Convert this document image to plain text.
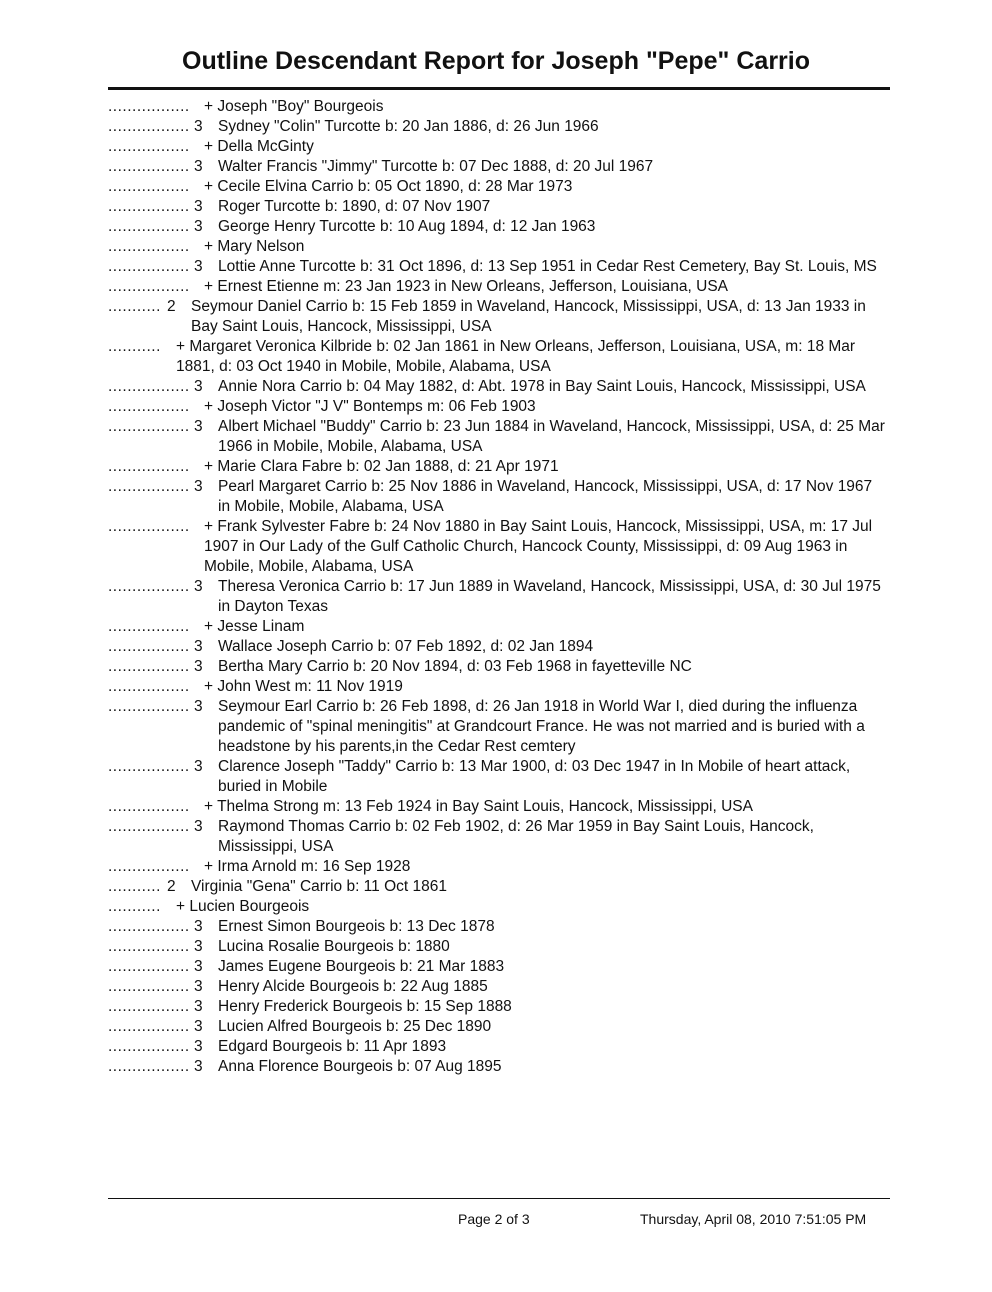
Outline Descendant Report for Joseph "Pepe" Carrio
................. + Joseph "Boy" Bourgeois
................. 3 Sydney "Colin" Turcotte b: 20 Jan 1886, d: 26 Jun 1966
................. + Della McGinty
................. 3 Walter Francis "Jimmy" Turcotte b: 07 Dec 1888, d: 20 Jul 1967
................. + Cecile Elvina Carrio b: 05 Oct 1890, d: 28 Mar 1973
................. 3 Roger Turcotte b: 1890, d: 07 Nov 1907
................. 3 George Henry Turcotte b: 10 Aug 1894, d: 12 Jan 1963
................. + Mary Nelson
................. 3 Lottie Anne Turcotte b: 31 Oct 1896, d: 13 Sep 1951 in Cedar Rest Cemetery, Bay St. Louis, MS
................. + Ernest Etienne m: 23 Jan 1923 in New Orleans, Jefferson, Louisiana, USA
........... 2 Seymour Daniel Carrio b: 15 Feb 1859 in Waveland, Hancock, Mississippi, USA, d: 13 Jan 1933 in Bay Saint Louis, Hancock, Mississippi, USA
........... + Margaret Veronica Kilbride b: 02 Jan 1861 in New Orleans, Jefferson, Louisiana, USA, m: 18 Mar 1881, d: 03 Oct 1940 in Mobile, Mobile, Alabama, USA
................. 3 Annie Nora Carrio b: 04 May 1882, d: Abt. 1978 in Bay Saint Louis, Hancock, Mississippi, USA
................. + Joseph Victor "J V" Bontemps m: 06 Feb 1903
................. 3 Albert Michael "Buddy" Carrio b: 23 Jun 1884 in Waveland, Hancock, Mississippi, USA, d: 25 Mar 1966 in Mobile, Mobile, Alabama, USA
................. + Marie Clara Fabre b: 02 Jan 1888, d: 21 Apr 1971
................. 3 Pearl Margaret Carrio b: 25 Nov 1886 in Waveland, Hancock, Mississippi, USA, d: 17 Nov 1967 in Mobile, Mobile, Alabama, USA
................. + Frank Sylvester Fabre b: 24 Nov 1880 in Bay Saint Louis, Hancock, Mississippi, USA, m: 17 Jul 1907 in Our Lady of the Gulf Catholic Church, Hancock County, Mississippi, d: 09 Aug 1963 in Mobile, Mobile, Alabama, USA
................. 3 Theresa Veronica Carrio b: 17 Jun 1889 in Waveland, Hancock, Mississippi, USA, d: 30 Jul 1975 in Dayton Texas
................. + Jesse Linam
................. 3 Wallace Joseph Carrio b: 07 Feb 1892, d: 02 Jan 1894
................. 3 Bertha Mary Carrio b: 20 Nov 1894, d: 03 Feb 1968 in fayetteville NC
................. + John West m: 11 Nov 1919
................. 3 Seymour Earl Carrio b: 26 Feb 1898, d: 26 Jan 1918 in World War I, died during the influenza pandemic of "spinal meningitis" at Grandcourt France. He was not married and is buried with a headstone by his parents,in the Cedar Rest cemtery
................. 3 Clarence Joseph "Taddy" Carrio b: 13 Mar 1900, d: 03 Dec 1947 in In Mobile of heart attack, buried in Mobile
................. + Thelma Strong m: 13 Feb 1924 in Bay Saint Louis, Hancock, Mississippi, USA
................. 3 Raymond Thomas Carrio b: 02 Feb 1902, d: 26 Mar 1959 in Bay Saint Louis, Hancock, Mississippi, USA
................. + Irma Arnold m: 16 Sep 1928
........... 2 Virginia "Gena" Carrio b: 11 Oct 1861
........... + Lucien Bourgeois
................. 3 Ernest Simon Bourgeois b: 13 Dec 1878
................. 3 Lucina Rosalie Bourgeois b: 1880
................. 3 James Eugene Bourgeois b: 21 Mar 1883
................. 3 Henry Alcide Bourgeois b: 22 Aug 1885
................. 3 Henry Frederick Bourgeois b: 15 Sep 1888
................. 3 Lucien Alfred Bourgeois b: 25 Dec 1890
................. 3 Edgard Bourgeois b: 11 Apr 1893
................. 3 Anna Florence Bourgeois b: 07 Aug 1895
Page 2 of 3	Thursday, April 08, 2010 7:51:05 PM
